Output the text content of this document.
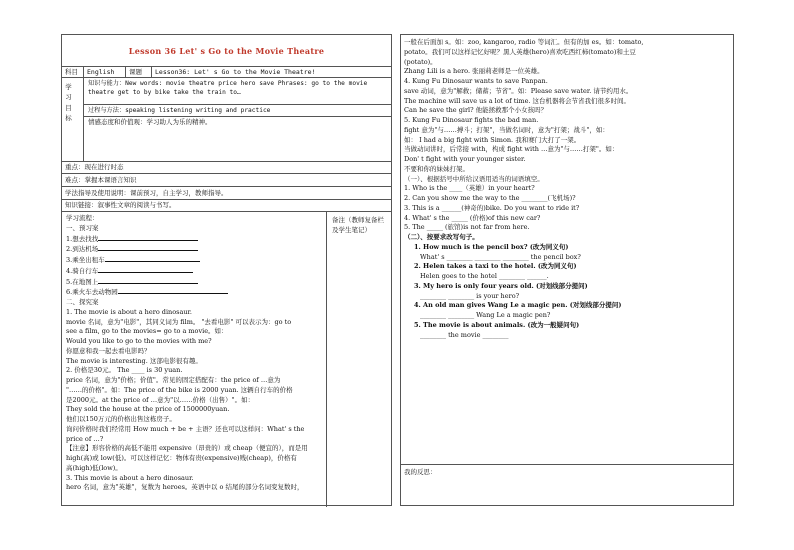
Lesson 36 Let' s Go to the Movie Theatre
科目	English	课题	Lesson36: Let' s Go to the Movie Theatre!
学
习
目
标
知识与能力：New words: movie theatre price hero save Phrases: go to the movie
theatre get to by bike take the train to…
过程与方法：speaking listening writing and practice
情感态度和价值观：学习助人为乐的精神。
重点：现在进行时态
难点：掌握本课语言知识
学法指导及使用说明：课前预习，自主学习，教师指导。
知识链接：叙事性文章的阅读与书写。
学习流程：
一、预习案
1.想去找找
2.到达机场
3.乘坐出租车
4.骑自行车
5.在地图上
6.乘火车去动物园
二、探究案
1. The movie is about a hero dinosaur.
movie 名词，意为"电影"，其同义词为 film。 "去看电影" 可以表示为：go to
see a film, go to the movies= go to a movie。如：
Would you like to go to the movies with me?
你愿意和我一起去看电影吗？
The movie is interesting. 这部电影很有趣。
2. 价格是30元。 The ____ is 30 yuan.
price 名词，意为"价格；价值"。常见的固定搭配有：the price of …意为
"……的价格"。如：The price of the bike is 2000 yuan. 这辆自行车的价格
是2000元。at the price of …意为"以……价格（出售）"。如：
They sold the house at the price of 1500000yuan.
他们以150万元的价格出售这栋房子。
询问价格时我们经常用 How much + be + 主语？还也可以这样问：What' s the
price of …?
【注意】形容价格的高低不能用 expensive（昂贵的）或 cheap（便宜的），而是用
high(高)或 low(低)。可以这样记忆：物体有贵(expensive)贱(cheap)，价格有
高(high)低(low)。
3. This movie is about a hero dinosaur.
hero 名词，意为"英雄"，复数为 heroes。英语中以 o 结尾的部分名词变复数时，
备注（教师复备栏及学生笔记）
一般在后面加 s。如：zoo, kangaroo, radio 等词汇。但有的加 es。如：tomato,
potato。我们可以这样记忆好呢？黑人英雄(hero)喜欢吃西红柿(tomato)和土豆
(potato)。
Zhang Lili is a hero. 张丽莉老师是一位英雄。
4. Kung Fu Dinosaur wants to save Panpan.
save 动词，意为"解救；储蓄；节省"。如：Please save water. 请节约用水。
The machine will save us a lot of time. 这台机器将会节省我们很多时间。
Can he save the girl? 他能拯救那个小女孩吗？
5. Kung Fu Dinosaur fights the bad man.
fight 意为"与……搏斗；打架"，当做名词时，意为"打架；战斗"，如：
如： I had a big fight with Simon. 我和赛门大打了一架。
当做动词讲时，后常接 with，构成 fight with …意为"与……打架"。如：
Don' t fight with your younger sister.
不要和你的妹妹打架。
（一）、根据括号中所给汉语用适当的词语填空。
1. Who is the ____（英雄）in your heart?
2. Can you show me the way to the ________(飞机场)?
3. This is a ______(神奇的)bike. Do you want to ride it?
4. What' s the _____ (价格)of this new car?
5. The _____ (旅馆)is not far from here.
（二）、按要求改写句子。
1. How much is the pencil box? (改为同义句)
What' s ________ ________ ________ the pencil box?
2. Helen takes a taxi to the hotel. (改为同义句)
Helen goes to the hotel ________ ______.
3. My hero is only four years old. (对划线部分提问)
________ ________ is your hero?
4. An old man gives Wang Le a magic pen. (对划线部分提问)
________ ________ Wang Le a magic pen?
5. The movie is about animals. (改为一般疑问句)
________ the movie ________
我的反思：
